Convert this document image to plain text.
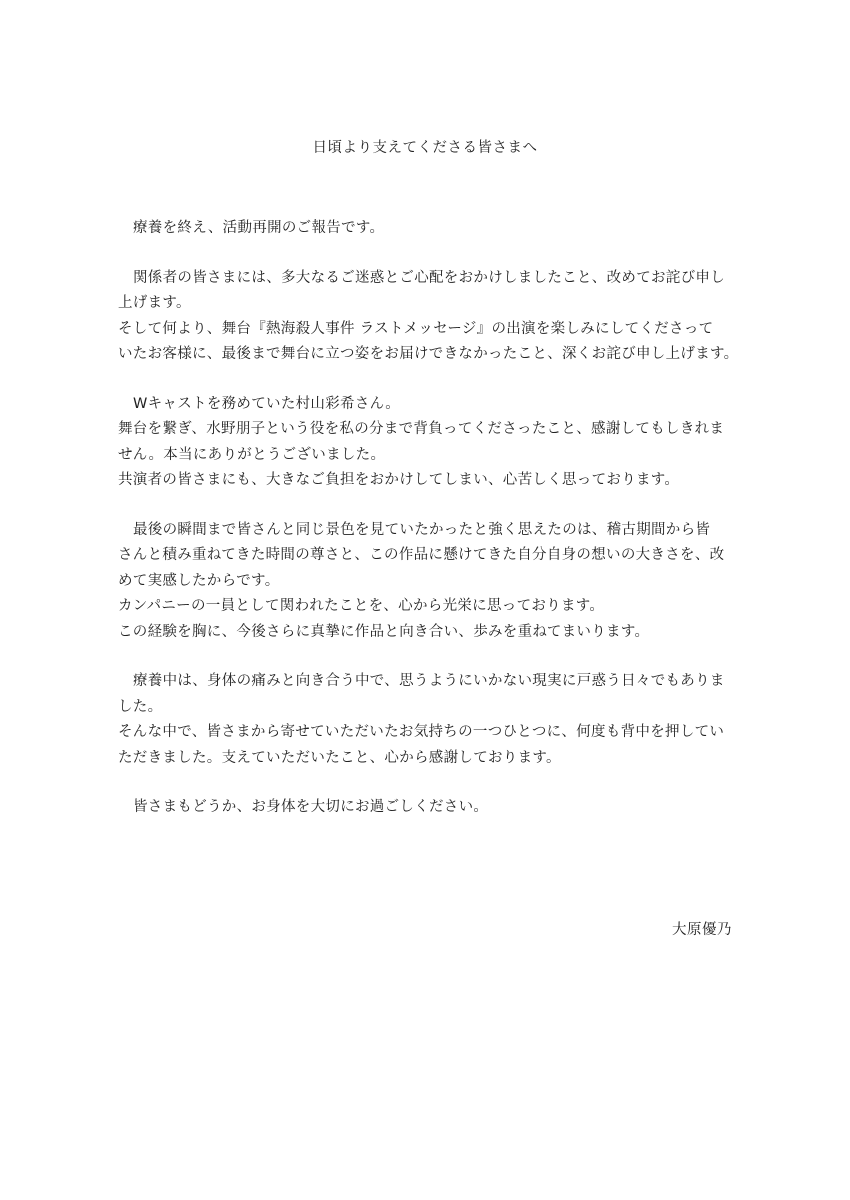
日頃より支えてくださる皆さまへ
療養を終え、活動再開のご報告です。
関係者の皆さまには、多大なるご迷惑とご心配をおかけしましたこと、改めてお詫び申し
上げます。
そして何より、舞台『熱海殺人事件 ラストメッセージ』の出演を楽しみにしてくださって
いたお客様に、最後まで舞台に立つ姿をお届けできなかったこと、深くお詫び申し上げます。
Wキャストを務めていた村山彩希さん。
舞台を繋ぎ、水野朋子という役を私の分まで背負ってくださったこと、感謝してもしきれま
せん。本当にありがとうございました。
共演者の皆さまにも、大きなご負担をおかけしてしまい、心苦しく思っております。
最後の瞬間まで皆さんと同じ景色を見ていたかったと強く思えたのは、稽古期間から皆
さんと積み重ねてきた時間の尊さと、この作品に懸けてきた自分自身の想いの大きさを、改
めて実感したからです。
カンパニーの一員として関われたことを、心から光栄に思っております。
この経験を胸に、今後さらに真摯に作品と向き合い、歩みを重ねてまいります。
療養中は、身体の痛みと向き合う中で、思うようにいかない現実に戸惑う日々でもありま
した。
そんな中で、皆さまから寄せていただいたお気持ちの一つひとつに、何度も背中を押してい
ただきました。支えていただいたこと、心から感謝しております。
皆さまもどうか、お身体を大切にお過ごしください。
大原優乃
